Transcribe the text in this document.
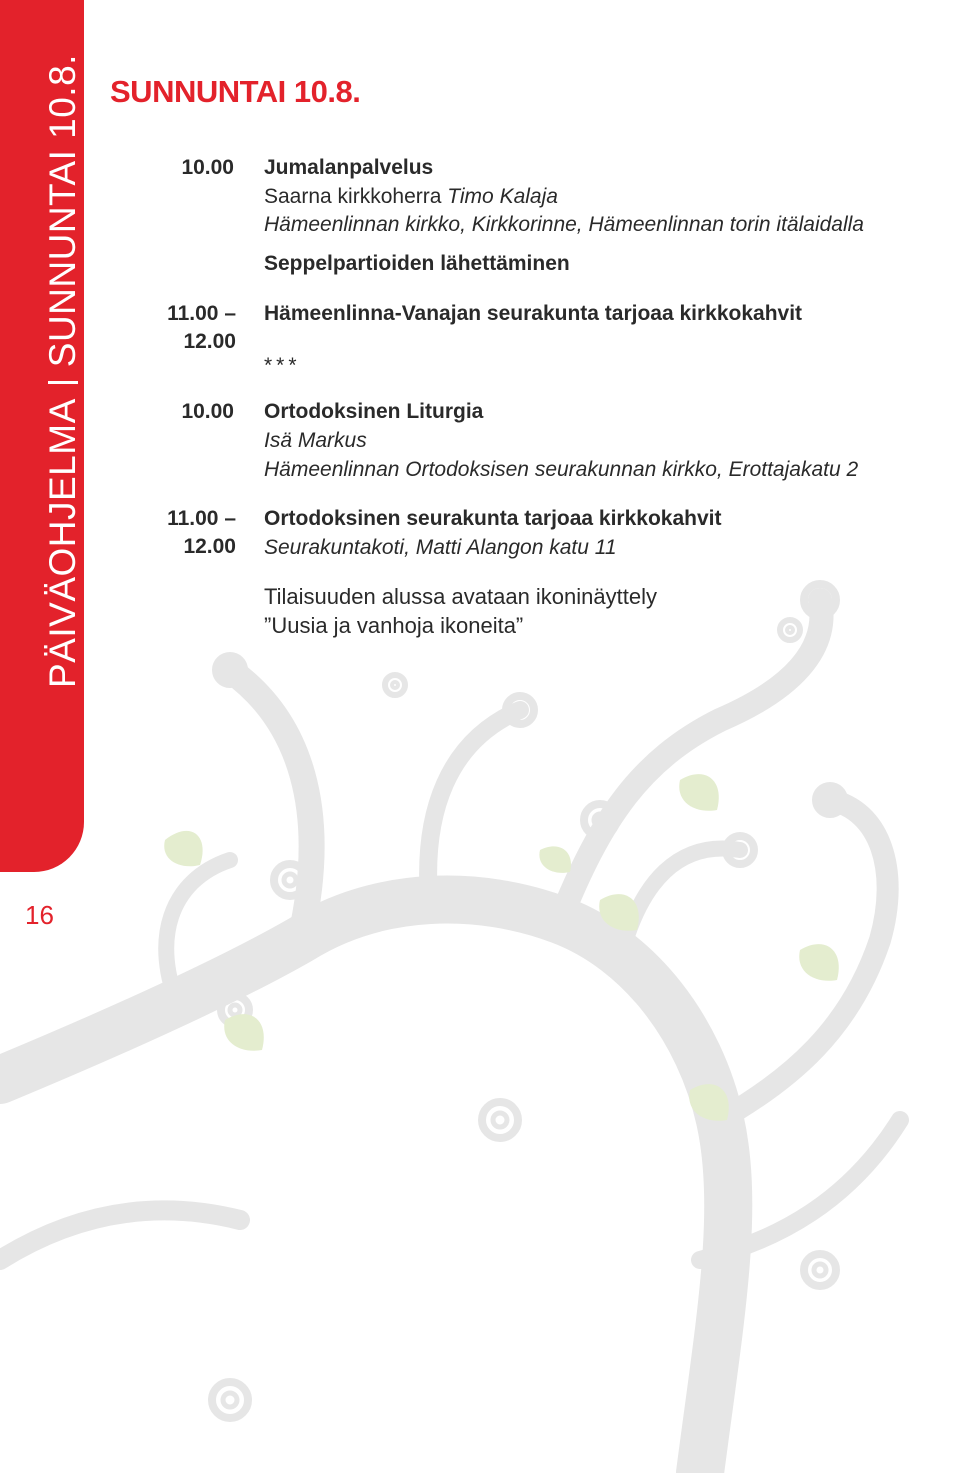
PÄIVÄOHJELMASUNNUNTAI 10.8.
16
SUNNUNTAI 10.8.
10.00 Jumalanpalvelus
Saarna kirkkoherra Timo Kalaja
Hämeenlinnan kirkko, Kirkkorinne, Hämeenlinnan torin itälaidalla
Seppelpartioiden lähettäminen
11.00 – 12.00
Hämeenlinna-Vanajan seurakunta tarjoaa kirkkokahvit
***
10.00 Ortodoksinen Liturgia
Isä Markus
Hämeenlinnan Ortodoksisen seurakunnan kirkko, Erottajakatu 2
11.00 – 12.00
Ortodoksinen seurakunta tarjoaa kirkkokahvit
Seurakuntakoti, Matti Alangon katu 11
Tilaisuuden alussa avataan ikoninäyttely
”Uusia ja vanhoja ikoneita”
